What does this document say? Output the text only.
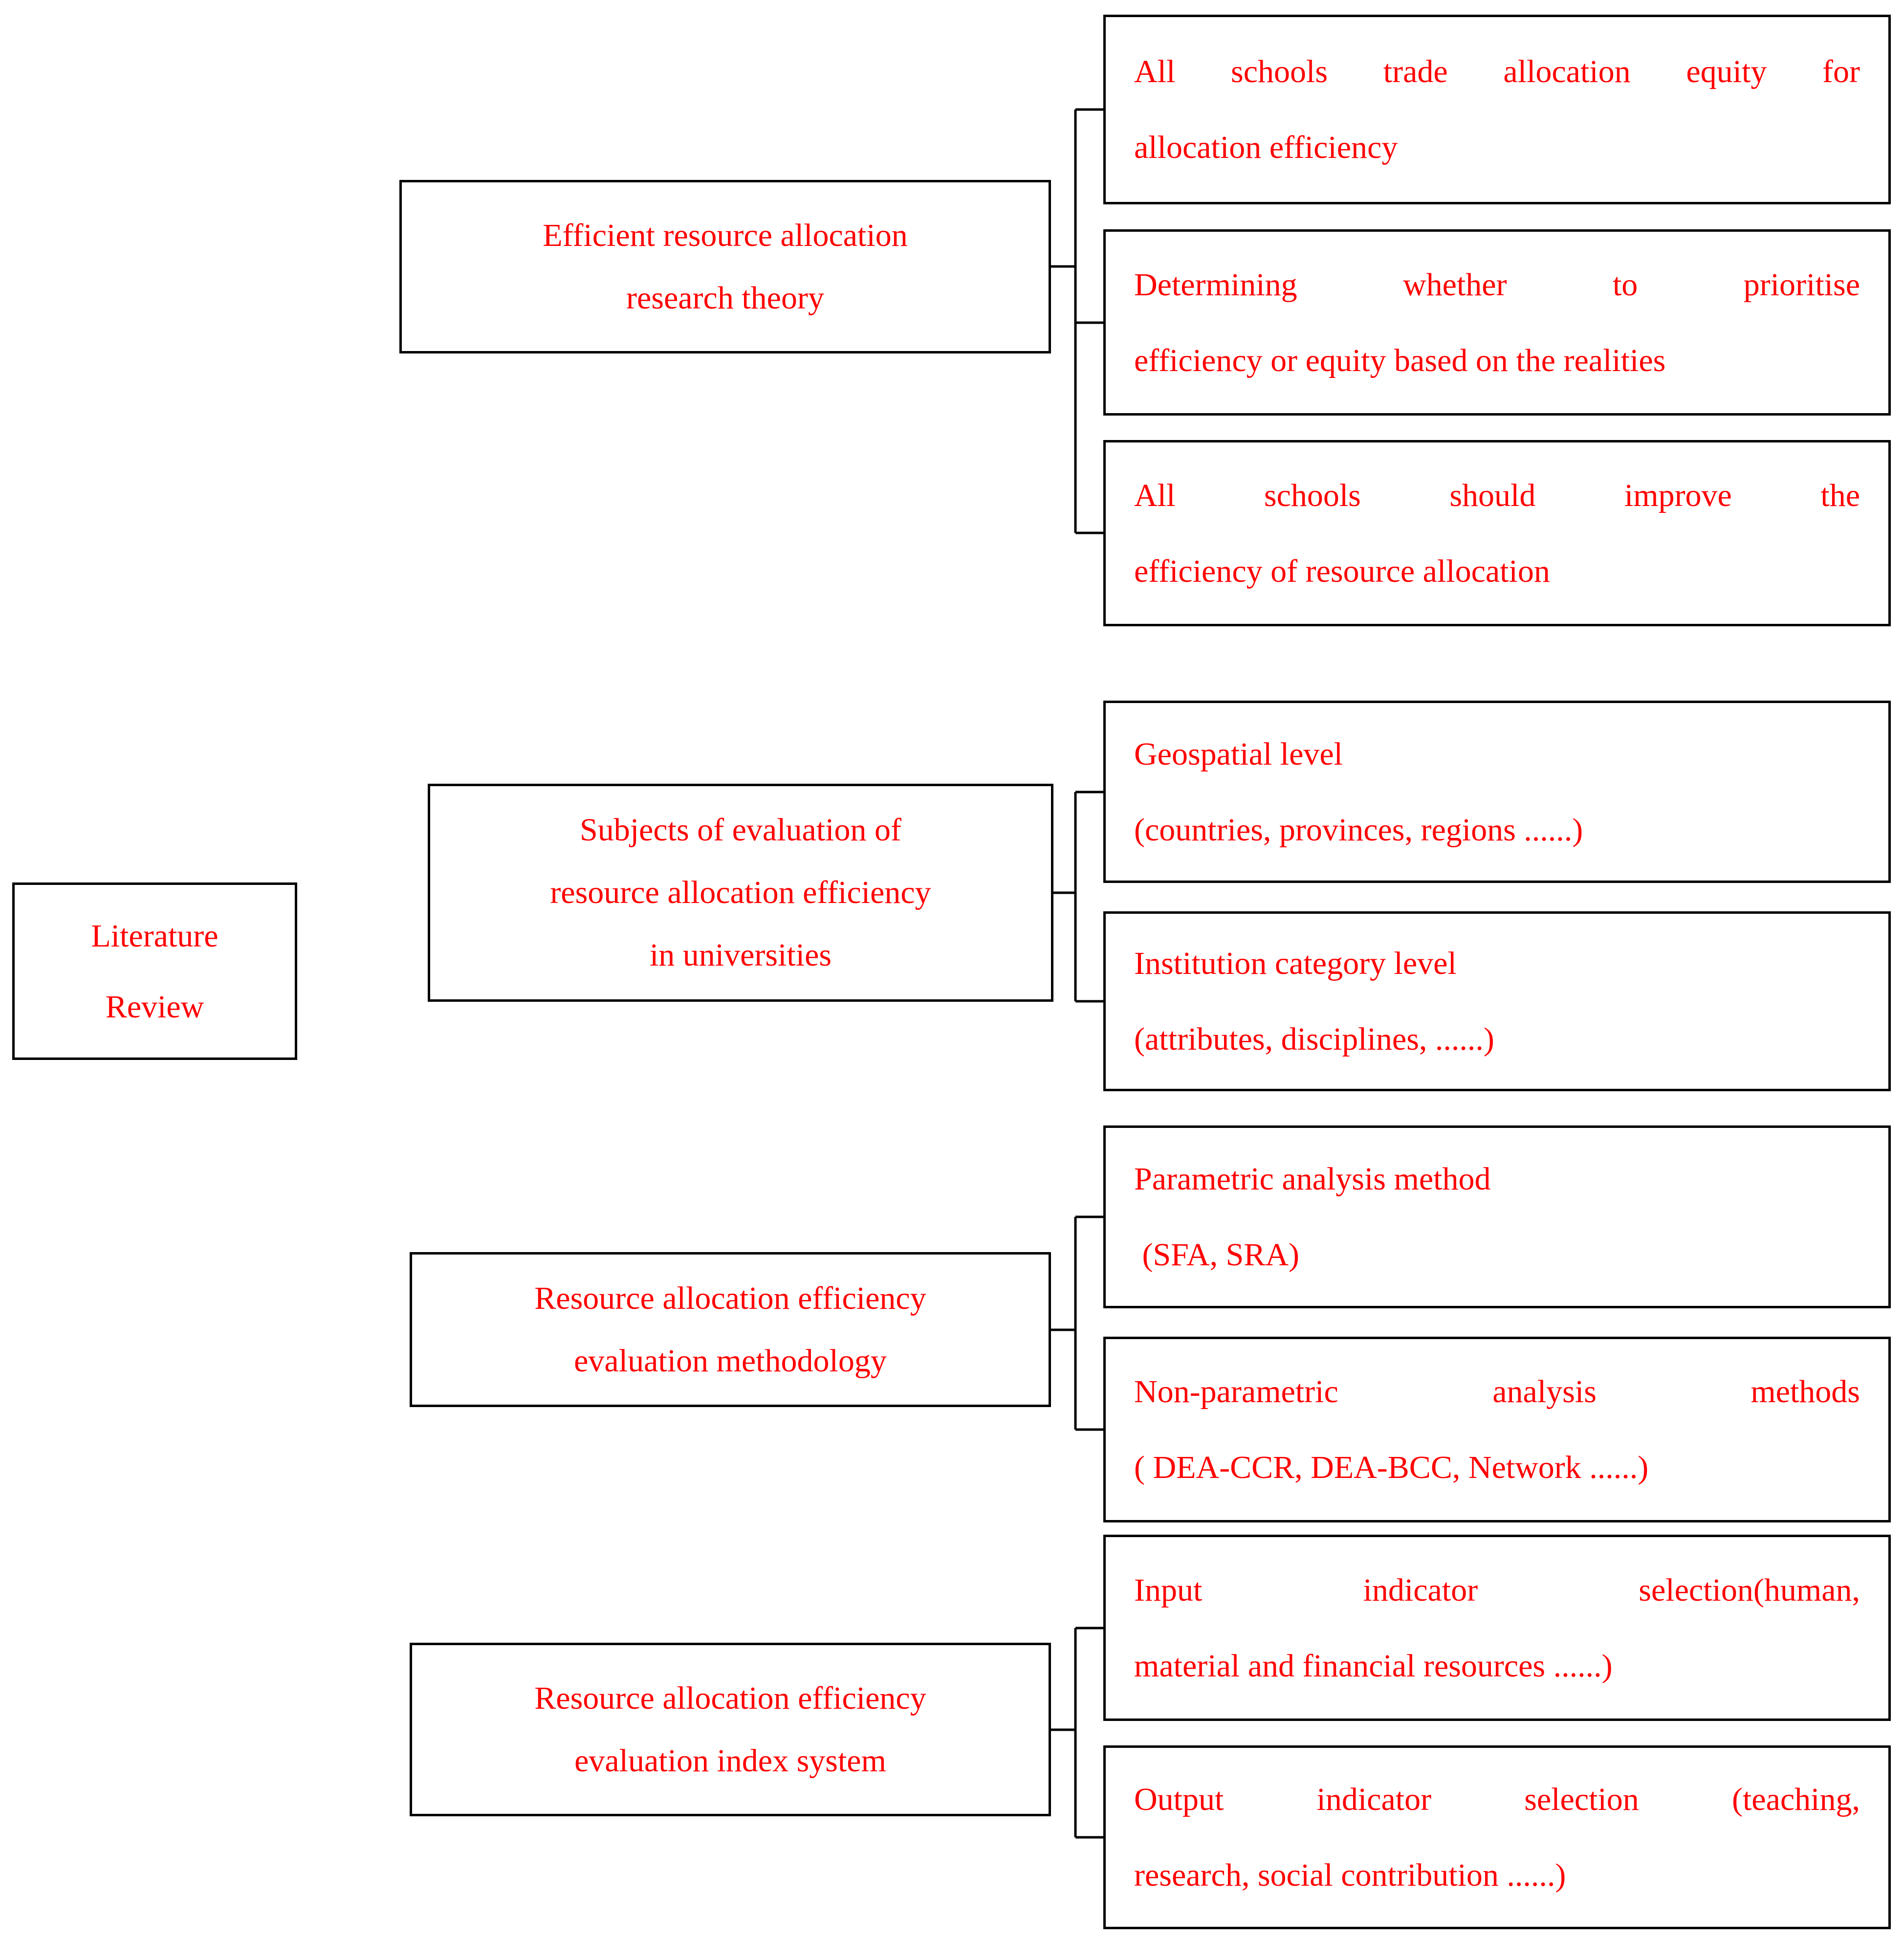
Literature
Review
Efficient resource allocation
research theory
All schools trade allocation equity for
allocation efficiency
Determining whether to prioritise
efficiency or equity based on the realities
All schools should improve the
efficiency of resource allocation
Subjects of evaluation of
resource allocation efficiency
in universities
Geospatial level
(countries, provinces, regions ......)
Institution category level
(attributes, disciplines, ......)
Resource allocation efficiency
evaluation methodology
Parametric analysis method
(SFA, SRA)
Non-parametric analysis methods
( DEA-CCR, DEA-BCC, Network ......)
Resource allocation efficiency
evaluation index system
Input indicator selection(human,
material and financial resources ......)
Output indicator selection (teaching,
research, social contribution ......)
